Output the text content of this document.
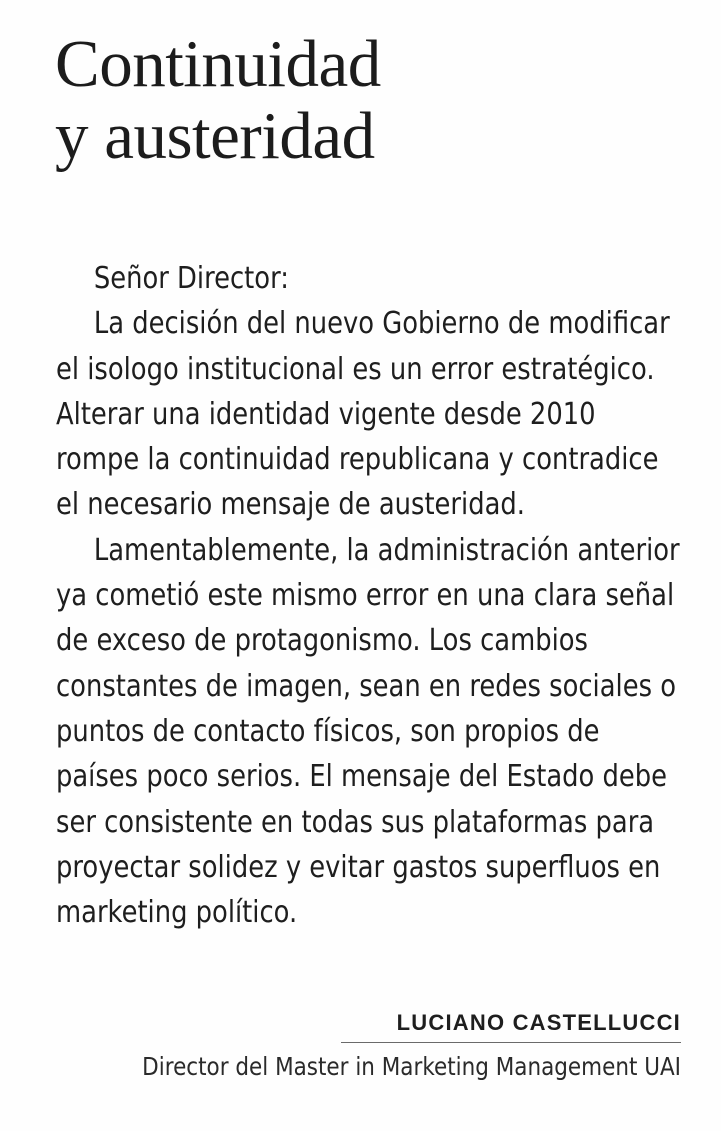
Continuidad
y austeridad

Señor Director:

La decisión del nuevo Gobierno de modificar el isologo institucional es un error estratégico. Alterar una identidad vigente desde 2010 rompe la continuidad republicana y contradice el necesario mensaje de austeridad.

Lamentablemente, la administración anterior ya cometió este mismo error en una clara señal de exceso de protagonismo. Los cambios constantes de imagen, sean en redes sociales o puntos de contacto físicos, son propios de países poco serios. El mensaje del Estado debe ser consistente en todas sus plataformas para proyectar solidez y evitar gastos superfluos en marketing político.

LUCIANO CASTELLUCCI
Director del Master in Marketing Management UAI
